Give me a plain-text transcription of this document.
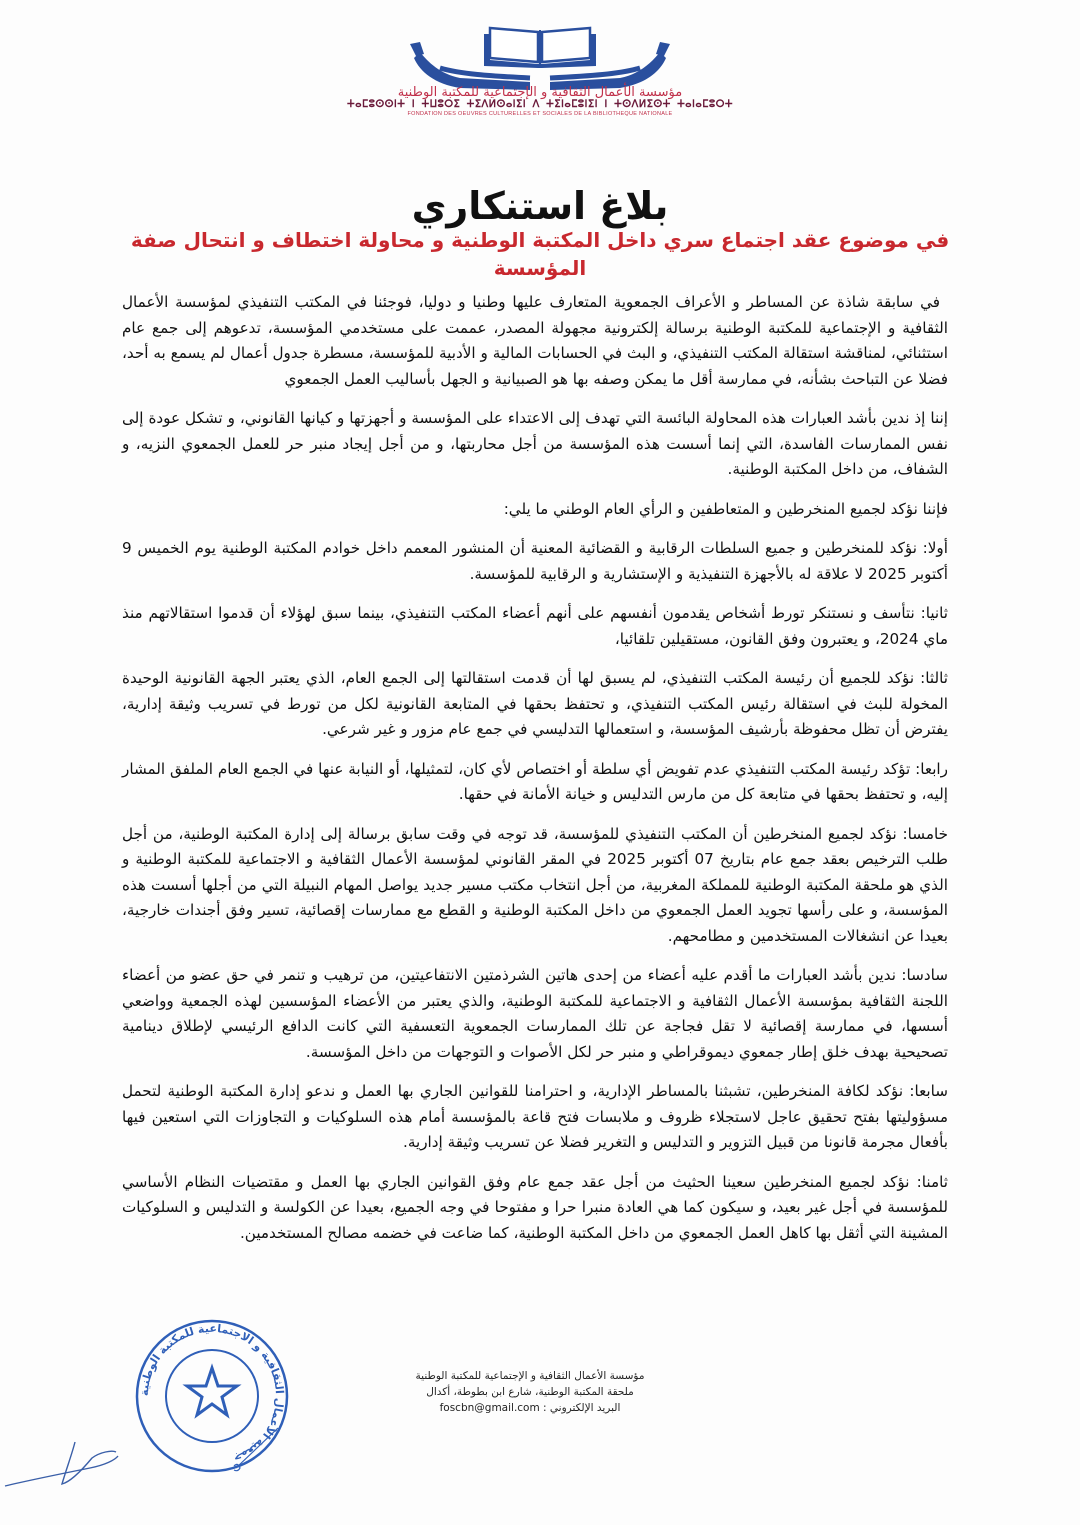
مؤسسة الأعمال الثقافية و الإجتماعية للمكتبة الوطنية
ⵜⴰⵎⵓⵙⵙⵏⵜ ⵏ ⵜⵡⵓⵔⵉ ⵜⵉⴷⵍⵙⴰⵏⵉⵏ ⴷ ⵜⵉⵏⴰⵎⵓⵏⵉⵏ ⵏ ⵜⵙⴷⵍⵉⵙⵜ ⵜⴰⵏⴰⵎⵓⵔⵜ
FONDATION DES OEUVRES CULTURELLES ET SOCIALES DE LA BIBLIOTHEQUE NATIONALE
بلاغ استنكاري
في موضوع عقد اجتماع سري داخل المكتبة الوطنية و محاولة اختطاف و انتحال صفة المؤسسة

في سابقة شاذة عن المساطر و الأعراف الجمعوية المتعارف عليها وطنيا و دوليا، فوجئنا في المكتب التنفيذي لمؤسسة الأعمال الثقافية و الإجتماعية للمكتبة الوطنية برسالة إلكترونية مجهولة المصدر، عممت على مستخدمي المؤسسة، تدعوهم إلى جمع عام استثنائي، لمناقشة استقالة المكتب التنفيذي، و البث في الحسابات المالية و الأدبية للمؤسسة، مسطرة جدول أعمال لم يسمع به أحد، فضلا عن التباحث بشأنه، في ممارسة أقل ما يمكن وصفه بها هو الصبيانية و الجهل بأساليب العمل الجمعوي

إننا إذ ندين بأشد العبارات هذه المحاولة البائسة التي تهدف إلى الاعتداء على المؤسسة و أجهزتها و كيانها القانوني، و تشكل عودة إلى نفس الممارسات الفاسدة، التي إنما أسست هذه المؤسسة من أجل محاربتها، و من أجل إيجاد منبر حر للعمل الجمعوي النزيه، و الشفاف، من داخل المكتبة الوطنية.

فإننا نؤكد لجميع المنخرطين و المتعاطفين و الرأي العام الوطني ما يلي:

أولا: نؤكد للمنخرطين و جميع السلطات الرقابية و القضائية المعنية أن المنشور المعمم داخل خوادم المكتبة الوطنية يوم الخميس 9 أكتوبر 2025 لا علاقة له بالأجهزة التنفيذية و الإستشارية و الرقابية للمؤسسة.

ثانيا: نتأسف و نستنكر تورط أشخاص يقدمون أنفسهم على أنهم أعضاء المكتب التنفيذي، بينما سبق لهؤلاء أن قدموا استقالاتهم منذ ماي 2024، و يعتبرون وفق القانون، مستقيلين تلقائيا،

ثالثا: نؤكد للجميع أن رئيسة المكتب التنفيذي، لم يسبق لها أن قدمت استقالتها إلى الجمع العام، الذي يعتبر الجهة القانونية الوحيدة المخولة للبث في استقالة رئيس المكتب التنفيذي، و تحتفظ بحقها في المتابعة القانونية لكل من تورط في تسريب وثيقة إدارية، يفترض أن تظل محفوظة بأرشيف المؤسسة، و استعمالها التدليسي في جمع عام مزور و غير شرعي.

رابعا: تؤكد رئيسة المكتب التنفيذي عدم تفويض أي سلطة أو اختصاص لأي كان، لتمثيلها، أو النيابة عنها في الجمع العام الملفق المشار إليه، و تحتفظ بحقها في متابعة كل من مارس التدليس و خيانة الأمانة في حقها.

خامسا: نؤكد لجميع المنخرطين أن المكتب التنفيذي للمؤسسة، قد توجه في وقت سابق برسالة إلى إدارة المكتبة الوطنية، من أجل طلب الترخيص بعقد جمع عام بتاريخ 07 أكتوبر 2025 في المقر القانوني لمؤسسة الأعمال الثقافية و الاجتماعية للمكتبة الوطنية و الذي هو ملحقة المكتبة الوطنية للمملكة المغربية، من أجل انتخاب مكتب مسير جديد يواصل المهام النبيلة التي من أجلها أسست هذه المؤسسة، و على رأسها تجويد العمل الجمعوي من داخل المكتبة الوطنية و القطع مع ممارسات إقصائية، تسير وفق أجندات خارجية، بعيدا عن انشغالات المستخدمين و مطامحهم.

سادسا: ندين بأشد العبارات ما أقدم عليه أعضاء من إحدى هاتين الشرذمتين الانتفاعيتين، من ترهيب و تنمر في حق عضو من أعضاء اللجنة الثقافية بمؤسسة الأعمال الثقافية و الاجتماعية للمكتبة الوطنية، والذي يعتبر من الأعضاء المؤسسين لهذه الجمعية وواضعي أسسها، في ممارسة إقصائية لا تقل فجاجة عن تلك الممارسات الجمعوية التعسفية التي كانت الدافع الرئيسي لإطلاق دينامية تصحيحية بهدف خلق إطار جمعوي ديموقراطي و منبر حر لكل الأصوات و التوجهات من داخل المؤسسة.

سابعا: نؤكد لكافة المنخرطين، تشبثنا بالمساطر الإدارية، و احترامنا للقوانين الجاري بها العمل و ندعو إدارة المكتبة الوطنية لتحمل مسؤوليتها بفتح تحقيق عاجل لاستجلاء ظروف و ملابسات فتح قاعة بالمؤسسة أمام هذه السلوكيات و التجاوزات التي استعين فيها بأفعال مجرمة قانونا من قبيل التزوير و التدليس و التغرير فضلا عن تسريب وثيقة إدارية.

ثامنا: نؤكد لجميع المنخرطين سعينا الحثيث من أجل عقد جمع عام وفق القوانين الجاري بها العمل و مقتضيات النظام الأساسي للمؤسسة في أجل غير بعيد، و سيكون كما هي العادة منبرا حرا و مفتوحا في وجه الجميع، بعيدا عن الكولسة و التدليس و السلوكيات المشينة التي أثقل بها كاهل العمل الجمعوي من داخل المكتبة الوطنية، كما ضاعت في خضمه مصالح المستخدمين.

جمعية الأعمال الثقافية و الاجتماعية للمكتبة الوطنية
مؤسسة الأعمال الثقافية و الإجتماعية للمكتبة الوطنية
ملحقة المكتبة الوطنية، شارع ابن بطوطة، أكدال
البريد الإلكتروني : foscbn@gmail.com
